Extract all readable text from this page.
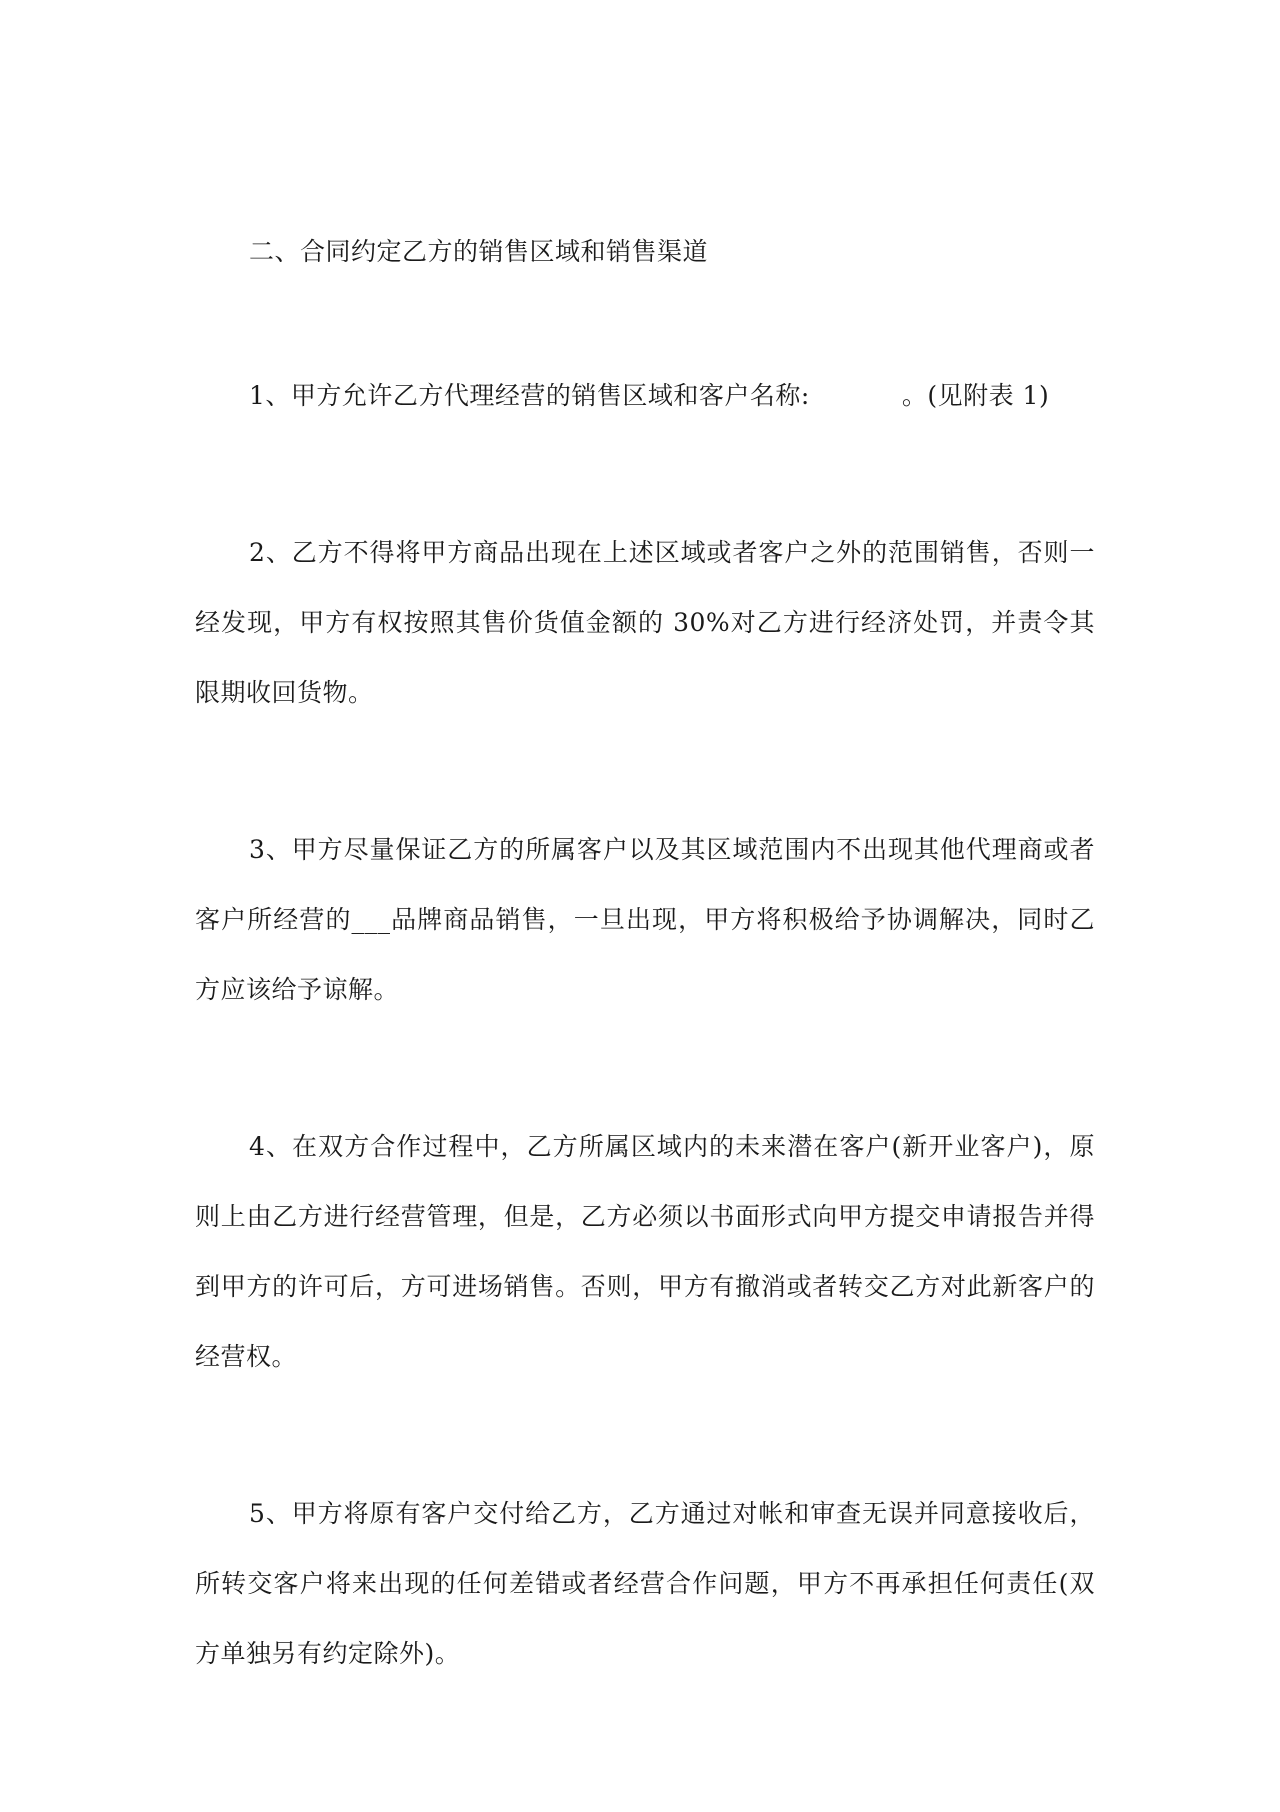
二、合同约定乙方的销售区域和销售渠道

1、甲方允许乙方代理经营的销售区域和客户名称:	。(见附表 1)

2、乙方不得将甲方商品出现在上述区域或者客户之外的范围销售，否则一经发现，甲方有权按照其售价货值金额的 30%对乙方进行经济处罚，并责令其限期收回货物。

3、甲方尽量保证乙方的所属客户以及其区域范围内不出现其他代理商或者客户所经营的___品牌商品销售，一旦出现，甲方将积极给予协调解决，同时乙方应该给予谅解。

4、在双方合作过程中，乙方所属区域内的未来潜在客户(新开业客户)，原则上由乙方进行经营管理，但是，乙方必须以书面形式向甲方提交申请报告并得到甲方的许可后，方可进场销售。否则，甲方有撤消或者转交乙方对此新客户的经营权。

5、甲方将原有客户交付给乙方，乙方通过对帐和审查无误并同意接收后，所转交客户将来出现的任何差错或者经营合作问题，甲方不再承担任何责任(双方单独另有约定除外)。
